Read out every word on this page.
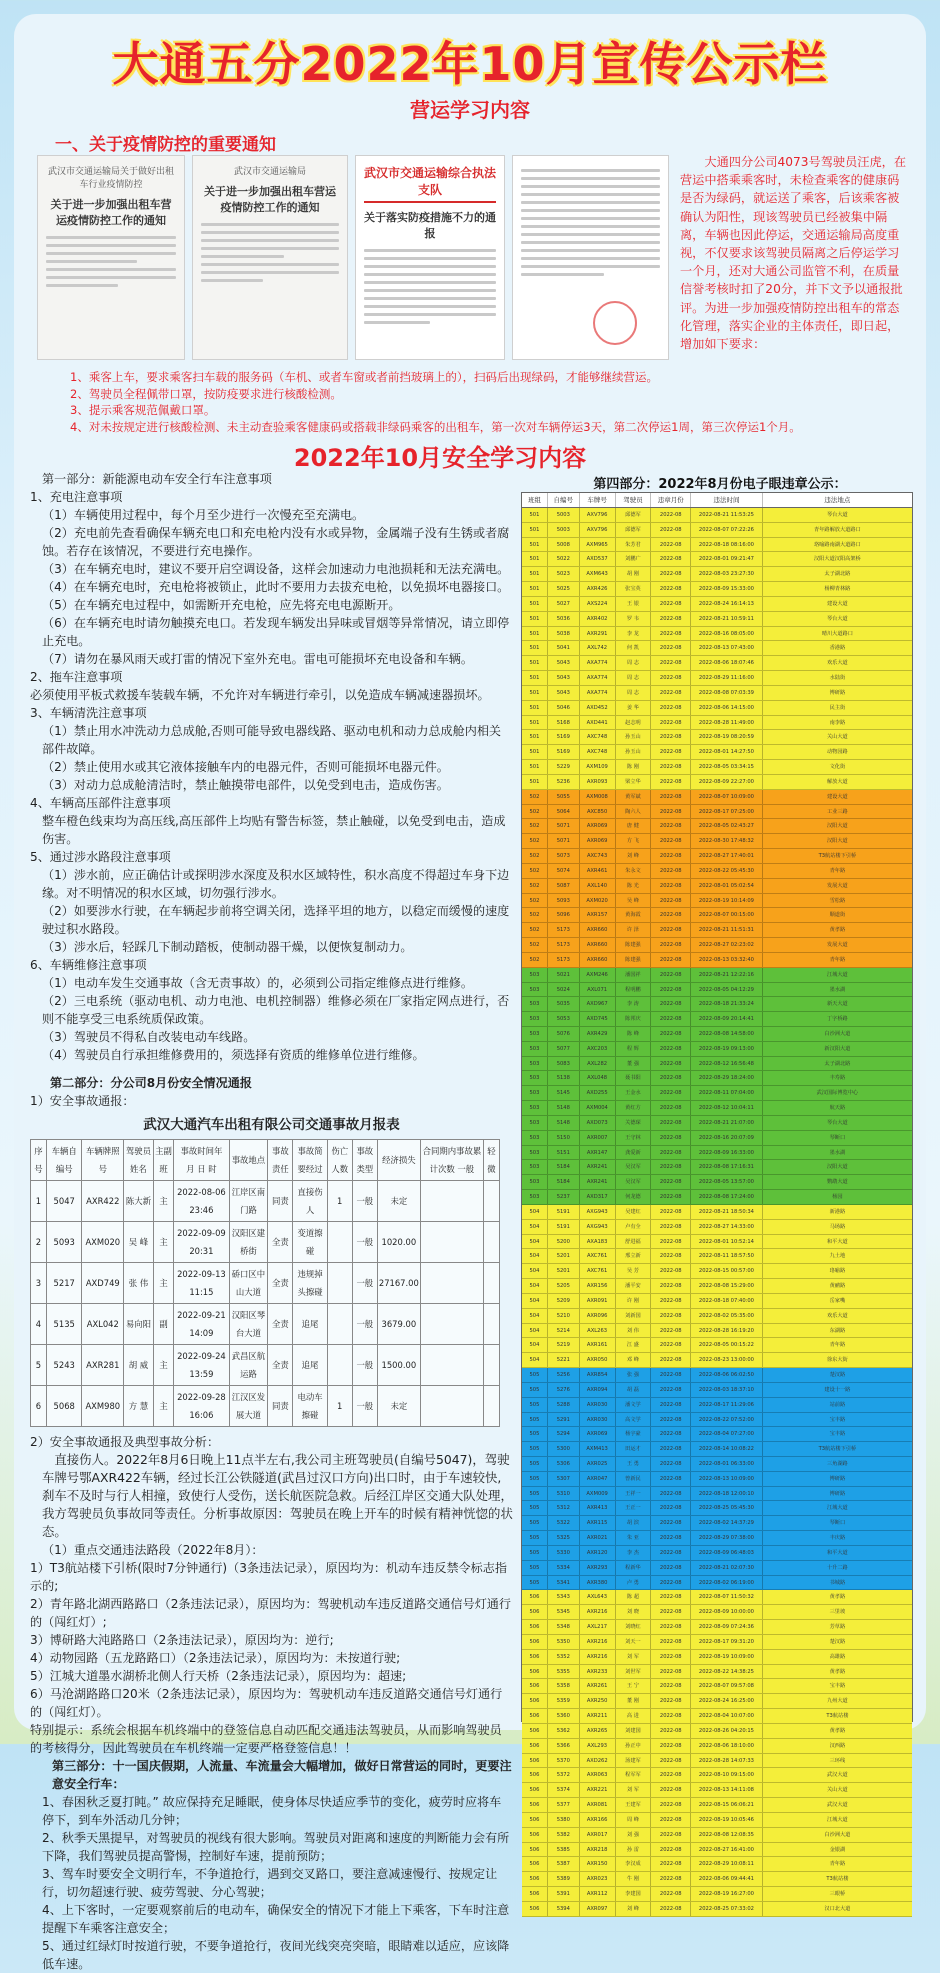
大通五分2022年10月宣传公示栏
营运学习内容
一、关于疫情防控的重要通知
武汉市交通运输局关于做好出租车行业疫情防控
关于进一步加强出租车营运疫情防控工作的通知
武汉市交通运输局
关于进一步加强出租车营运疫情防控工作的通知
武汉市交通运输综合执法支队
关于落实防疫措施不力的通报
大通四分公司4073号驾驶员汪虎，在营运中搭乘乘客时，未检查乘客的健康码是否为绿码，就运送了乘客，后该乘客被确认为阳性，现该驾驶员已经被集中隔离，车辆也因此停运，交通运输局高度重视，不仅要求该驾驶员隔离之后停运学习一个月，还对大通公司监管不利，在质量信誉考核时扣了20分，并下文予以通报批评。为进一步加强疫情防控出租车的常态化管理，落实企业的主体责任，即日起，增加如下要求：
1、乘客上车，要求乘客扫车载的服务码（车机、或者车窗或者前挡玻璃上的），扫码后出现绿码，才能够继续营运。
2、驾驶员全程佩带口罩，按防疫要求进行核酸检测。
3、提示乘客规范佩戴口罩。
4、对未按规定进行核酸检测、未主动查验乘客健康码或搭载非绿码乘客的出租车，第一次对车辆停运3天，第二次停运1周，第三次停运1个月。
2022年10月安全学习内容

第一部分：新能源电动车安全行车注意事项

1、充电注意事项

（1）车辆使用过程中，每个月至少进行一次慢充至充满电。

（2）充电前先查看确保车辆充电口和充电枪内没有水或异物，金属端子没有生锈或者腐蚀。若存在该情况，不要进行充电操作。

（3）在车辆充电时，建议不要开启空调设备，这样会加速动力电池损耗和无法充满电。

（4）在车辆充电时，充电枪将被锁止，此时不要用力去拔充电枪，以免损坏电器接口。

（5）在车辆充电过程中，如需断开充电枪，应先将充电电源断开。

（6）在车辆充电时请勿触摸充电口。若发现车辆发出异味或冒烟等异常情况，请立即停止充电。

（7）请勿在暴风雨天或打雷的情况下室外充电。雷电可能损坏充电设备和车辆。

2、拖车注意事项

必须使用平板式救援车装载车辆，不允许对车辆进行牵引，以免造成车辆减速器损坏。

3、车辆清洗注意事项

（1）禁止用水冲洗动力总成舱,否则可能导致电器线路、驱动电机和动力总成舱内相关部件故障。

（2）禁止使用水或其它液体接触车内的电器元件，否则可能损坏电器元件。

（3）对动力总成舱清洁时，禁止触摸带电部件，以免受到电击，造成伤害。

4、车辆高压部件注意事项

整车橙色线束均为高压线,高压部件上均贴有警告标签，禁止触碰，以免受到电击，造成伤害。

5、通过涉水路段注意事项

（1）涉水前，应正确估计或探明涉水深度及积水区域特性，积水高度不得超过车身下边缘。对不明情况的积水区域，切勿强行涉水。

（2）如要涉水行驶，在车辆起步前将空调关闭，选择平坦的地方，以稳定而缓慢的速度驶过积水路段。

（3）涉水后，轻踩几下制动踏板，使制动器干燥，以便恢复制动力。

6、车辆维修注意事项

（1）电动车发生交通事故（含无责事故）的，必须到公司指定维修点进行维修。

（2）三电系统（驱动电机、动力电池、电机控制器）维修必须在厂家指定网点进行，否则不能享受三电系统质保政策。

（3）驾驶员不得私自改装电动车线路。

（4）驾驶员自行承担维修费用的，须选择有资质的维修单位进行维修。

第二部分：分公司8月份安全情况通报

1）安全事故通报：

武汉大通汽车出租有限公司交通事故月报表
序号	车辆自编号	车辆牌照号	驾驶员姓名	主副班	事故时间年 月 日 时	事故地点	事故责任	事故简要经过	伤亡人数	事故类型	经济损失	合同期内事故累计次数 一般	轻微
1	5047	AXR422	陈大新	主	2022-08-06 23:46	江岸区南门路	同责	直接伤人	1	一般	未定		
2	5093	AXM020	吴 峰	主	2022-09-09 20:31	汉阳区建桥街	全责	变道擦碰		一般	1020.00		
3	5217	AXD749	张 伟	主	2022-09-13 11:15	硚口区中山大道	全责	违规掉头擦碰		一般	27167.00		
4	5135	AXL042	易向阳	副	2022-09-21 14:09	汉阳区琴台大道	全责	追尾		一般	3679.00		
5	5243	AXR281	胡 威	主	2022-09-24 13:59	武昌区航运路	全责	追尾		一般	1500.00		
6	5068	AXM980	方 慧	主	2022-09-28 16:06	江汉区发展大道	同责	电动车擦碰	1	一般	未定		

2）安全事故通报及典型事故分析：

直接伤人。2022年8月6日晚上11点半左右,我公司主班驾驶员(自编号5047)，驾驶车牌号鄂AXR422车辆，经过长江公铁隧道(武昌过汉口方向)出口时，由于车速较快,刹车不及时与行人相撞，致使行人受伤，送长航医院急救。后经江岸区交通大队处理，我方驾驶员负事故同等责任。分析事故原因：驾驶员在晚上开车的时候有精神恍惚的状态。

（1）重点交通违法路段（2022年8月）：

1）T3航站楼下引桥(限时7分钟通行)（3条违法记录），原因均为：机动车违反禁令标志指示的;

2）青年路北湖西路路口（2条违法记录），原因均为：驾驶机动车违反道路交通信号灯通行的（闯红灯）;

3）博研路大沌路路口（2条违法记录），原因均为：逆行;

4）动物园路（五龙路路口）（2条违法记录），原因均为：未按道行驶;

5）江城大道墨水湖桥北侧人行天桥（2条违法记录），原因均为：超速;

6）马沧湖路路口20米（2条违法记录），原因均为：驾驶机动车违反道路交通信号灯通行的（闯红灯）。

特别提示：系统会根据车机终端中的登签信息自动匹配交通违法驾驶员，从而影响驾驶员的考核得分，因此驾驶员在车机终端一定要严格登签信息！！

第三部分：十一国庆假期，人流量、车流量会大幅增加，做好日常营运的同时，更要注意安全行车：

1、春困秋乏夏打盹。” 故应保持充足睡眠，使身体尽快适应季节的变化，疲劳时应将车停下，到车外活动几分钟；

2、秋季天黑提早，对驾驶员的视线有很大影响。驾驶员对距离和速度的判断能力会有所下降，我们驾驶员提高警惕，控制好车速，提前预防；

3、驾车时要安全文明行车，不争道抢行，遇到交叉路口，要注意减速慢行、按规定让行，切勿超速行驶、疲劳驾驶、分心驾驶；

4、上下客时，一定要观察前后的电动车，确保安全的情况下才能上下乘客，下车时注意提醒下车乘客注意安全；

5、通过红绿灯时按道行驶，不要争道抢行，夜间光线突亮突暗，眼睛难以适应，应该降低车速。

第四部分：2022年8月份电子眼违章公示：
班组	自编号	车牌号	驾驶员	违章月份	违法时间	违法地点
501	5003	AXV796	邱德军	2022-08	2022-08-21 11:53:25	琴台大道
501	5003	AXV796	邱德军	2022-08	2022-08-07 07:22:26	青年路解放大道路口
501	5008	AXM965	朱芳君	2022-08	2022-08-18 08:16:00	珞喻路南湖大道路口
501	5022	AXD537	刘鹏广	2022-08	2022-08-01 09:21:47	汉阳大道汉阳高架桥
501	5023	AXM643	胡 刚	2022-08	2022-08-03 23:27:30	太子湖北路
501	5025	AXR426	张宝英	2022-08	2022-08-09 15:33:00	杨柳青林路
501	5027	AXS224	王 银	2022-08	2022-08-24 16:14:13	建设大道
501	5036	AXR402	罗 韦	2022-08	2022-08-21 10:59:11	琴台大道
501	5038	AXR291	李 龙	2022-08	2022-08-16 08:05:00	晴川大道路口
501	5041	AXL742	何 凯	2022-08	2022-08-13 07:43:00	香港路
501	5043	AXA774	周 志	2022-08	2022-08-06 18:07:46	欢乐大道
501	5043	AXA774	周 志	2022-08	2022-08-29 11:16:00	水陆街
501	5043	AXA774	周 志	2022-08	2022-08-08 07:03:39	博研路
501	5046	AXD452	姜 华	2022-08	2022-08-06 14:15:00	民主街
501	5168	AXD441	赵志明	2022-08	2022-08-28 11:49:00	南李路
501	5169	AXC748	孙玉山	2022-08	2022-08-19 08:20:59	关山大道
501	5169	AXC748	孙玉山	2022-08	2022-08-01 14:27:50	动物园路
501	5229	AXM109	陈 刚	2022-08	2022-08-05 03:34:15	文化街
501	5236	AXR093	梁立华	2022-08	2022-08-09 22:27:00	解放大道
502	5055	AXM008	黄军斌	2022-08	2022-08-07 10:09:00	建设大道
502	5064	AXC850	陶六人	2022-08	2022-08-17 07:25:00	工业三路
502	5071	AXR069	唐 健	2022-08	2022-08-05 02:43:27	汉阳大道
502	5071	AXR069	方 飞	2022-08	2022-08-30 17:48:32	汉阳大道
502	5073	AXC743	刘 峰	2022-08	2022-08-27 17:40:01	T3航站楼下引桥
502	5074	AXR461	朱永文	2022-08	2022-08-22 05:45:30	青年路
502	5087	AXL140	陈 光	2022-08	2022-08-01 05:02:54	发展大道
502	5093	AXM020	吴 峰	2022-08	2022-08-19 10:14:09	雪松路
502	5096	AXR157	黄海霞	2022-08	2022-08-07 00:15:00	顺道街
502	5173	AXR660	许 泽	2022-08	2022-08-21 11:51:31	黄孝路
502	5173	AXR660	陈建强	2022-08	2022-08-27 02:23:02	发展大道
502	5173	AXR660	陈建强	2022-08	2022-08-13 03:32:40	青年路
503	5021	AXM246	潘国祥	2022-08	2022-08-21 12:22:16	江城大道
503	5024	AXL071	程明鹏	2022-08	2022-08-05 04:12:29	墨水湖
503	5035	AXD967	李 涛	2022-08	2022-08-18 21:33:24	新天大道
503	5053	AXD745	陈邦庆	2022-08	2022-08-09 20:14:41	丁字桥路
503	5076	AXR429	陈 峰	2022-08	2022-08-08 14:58:00	白沙洲大道
503	5077	AXC203	程 辉	2022-08	2022-08-19 09:13:00	新汉阳大道
503	5083	AXL282	董 强	2022-08	2022-08-12 16:56:48	太子湖北路
503	5138	AXL048	聂书阳	2022-08	2022-08-29 18:24:00	丰寿路
503	5145	AXD255	王金水	2022-08	2022-08-11 07:04:00	武汉国际博览中心
503	5148	AXM004	黄红方	2022-08	2022-08-12 10:04:11	航天路
503	5148	AXD073	关德琛	2022-08	2022-08-21 21:07:00	琴台大道
503	5150	AXR007	王守林	2022-08	2022-08-16 20:07:09	琴断口
503	5151	AXR147	龚爱新	2022-08	2022-08-09 16:33:00	墨水湖
503	5184	AXR241	吴汉军	2022-08	2022-08-08 17:16:31	汉阳大道
503	5184	AXR241	吴汉军	2022-08	2022-08-05 13:57:00	鹦鹉大道
503	5237	AXD317	何龙德	2022-08	2022-08-08 17:24:00	杨园
504	5191	AXG943	吴建红	2022-08	2022-08-21 18:50:34	新港路
504	5191	AXG943	卢有全	2022-08	2022-08-27 14:33:00	马场路
504	5200	AXA183	舒进福	2022-08	2022-08-01 10:52:14	和平大道
504	5201	AXC761	邢立新	2022-08	2022-08-11 18:57:50	九土地
504	5201	AXC761	吴 芳	2022-08	2022-08-15 00:57:00	珞喻路
504	5205	AXR156	潘平安	2022-08	2022-08-08 15:29:00	黄鹂路
504	5209	AXR091	许 刚	2022-08	2022-08-18 07:40:00	岳家嘴
504	5210	AXR096	刘新国	2022-08	2022-08-02 05:35:00	欢乐大道
504	5214	AXL263	刘 伟	2022-08	2022-08-28 16:19:20	东湖路
504	5219	AXR161	江 盛	2022-08	2022-08-05 00:15:22	青年路
504	5221	AXR050	邓 峰	2022-08	2022-08-23 13:00:00	徐东大街
505	5256	AXR854	张 强	2022-08	2022-08-06 06:02:50	楚汉路
505	5276	AXR094	胡 磊	2022-08	2022-08-03 18:37:10	建设十一路
505	5288	AXR030	潘文学	2022-08	2022-08-17 11:29:06	站前路
505	5291	AXR030	高文学	2022-08	2022-08-22 07:52:00	宝丰路
505	5294	AXR069	杨宇豪	2022-08	2022-08-04 07:27:00	宝丰路
505	5300	AXM413	田运才	2022-08	2022-08-14 10:08:22	T3航站楼下引桥
505	5306	AXR025	王 勇	2022-08	2022-08-01 06:33:00	三角湖路
505	5307	AXR047	曾新民	2022-08	2022-08-13 10:09:00	博研路
505	5310	AXM009	王祥一	2022-08	2022-08-18 12:00:10	博研路
505	5312	AXR413	王正一	2022-08	2022-08-25 05:45:30	江城大道
505	5322	AXR115	胡 滨	2022-08	2022-08-02 14:37:29	琴断口
505	5325	AXR021	朱 亚	2022-08	2022-08-29 07:38:00	丰庆路
505	5330	AXR120	李 杰	2022-08	2022-08-09 06:48:03	和平大道
505	5334	AXR293	程新华	2022-08	2022-08-21 02:07:30	十升二路
505	5341	AXR380	卢 勇	2022-08	2022-08-02 06:19:00	书城路
506	5343	AXL643	陈 超	2022-08	2022-08-07 11:50:32	黄孝路
506	5345	AXR216	刘 晓	2022-08	2022-08-09 10:00:00	三里坡
506	5348	AXL217	刘晓红	2022-08	2022-08-09 07:24:36	芳草路
506	5350	AXR216	刘天一	2022-08	2022-08-17 09:31:20	楚汉路
506	5352	AXR216	刘 军	2022-08	2022-08-19 10:09:00	高雄路
506	5355	AXR233	刘世军	2022-08	2022-08-22 14:38:25	黄孝路
506	5358	AXR261	王 宁	2022-08	2022-08-07 09:57:08	宝丰路
506	5359	AXR250	董 刚	2022-08	2022-08-24 16:25:00	九州大道
506	5360	AXR211	高 进	2022-08	2022-08-04 10:07:00	T3航站楼
506	5362	AXR265	刘建国	2022-08	2022-08-26 04:20:15	黄孝路
506	5366	AXL293	孙正中	2022-08	2022-08-06 18:10:00	汉西路
506	5370	AXD262	汤建军	2022-08	2022-08-28 14:07:33	三环线
506	5372	AXR063	程军军	2022-08	2022-08-10 09:15:00	武汉大道
506	5374	AXR221	刘 军	2022-08	2022-08-13 14:11:08	关山大道
506	5377	AXR081	王建军	2022-08	2022-08-15 06:06:21	武汉大道
506	5380	AXR166	周 峰	2022-08	2022-08-19 10:05:46	江城大道
506	5382	AXR017	刘 强	2022-08	2022-08-08 12:08:35	白沙洲大道
506	5385	AXR218	孙 雷	2022-08	2022-08-27 16:41:00	金银湖
506	5387	AXR150	李汉成	2022-08	2022-08-29 10:08:11	青年路
506	5389	AXR023	牛 刚	2022-08	2022-08-06 09:44:41	T3航站楼
506	5391	AXR112	李建国	2022-08	2022-08-19 16:27:00	三眼桥
506	5394	AXR097	刘 峰	2022-08	2022-08-25 07:33:02	汉口北大道
